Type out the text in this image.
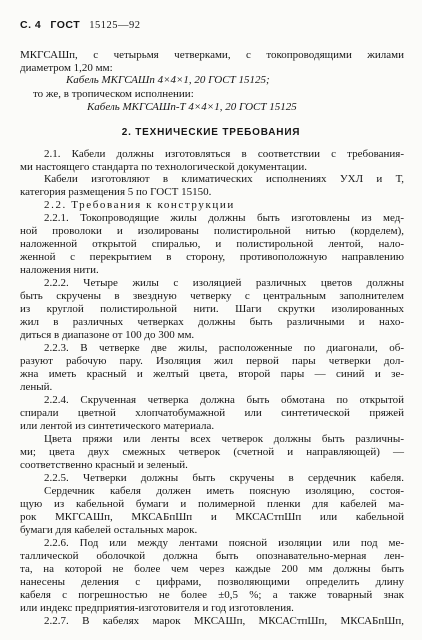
С. 4 ГОСТ 15125—92
МКГСАШп, с четырьмя четверками, с токопроводящими жилами
диаметром 1,20 мм:
Кабель МКГСАШп 4×4×1, 20 ГОСТ 15125;
то же, в тропическом исполнении:
Кабель МКГСАШп-Т 4×4×1, 20 ГОСТ 15125
2. ТЕХНИЧЕСКИЕ ТРЕБОВАНИЯ
2.1. Кабели должны изготовляться в соответствии с требования-
ми настоящего стандарта по технологической документации.
Кабели изготовляют в климатических исполнениях УХЛ и Т,
категория размещения 5 по ГОСТ 15150.
2.2. Требования к конструкции
2.2.1. Токопроводящие жилы должны быть изготовлены из мед-
ной проволоки и изолированы полистирольной нитью (корделем),
наложенной открытой спиралью, и полистирольной лентой, нало-
женной с перекрытием в сторону, противоположную направлению
наложения нити.
2.2.2. Четыре жилы с изоляцией различных цветов должны
быть скручены в звездную четверку с центральным заполнителем
из круглой полистирольной нити. Шаги скрутки изолированных
жил в различных четверках должны быть различными и нахо-
диться в диапазоне от 100 до 300 мм.
2.2.3. В четверке две жилы, расположенные по диагонали, об-
разуют рабочую пару. Изоляция жил первой пары четверки дол-
жна иметь красный и желтый цвета, второй пары — синий и зе-
леный.
2.2.4. Скрученная четверка должна быть обмотана по открытой
спирали цветной хлопчатобумажной или синтетической пряжей
или лентой из синтетического материала.
Цвета пряжи или ленты всех четверок должны быть различны-
ми; цвета двух смежных четверок (счетной и направляющей) —
соответственно красный и зеленый.
2.2.5. Четверки должны быть скручены в сердечник кабеля.
Сердечник кабеля должен иметь поясную изоляцию, состоя-
щую из кабельной бумаги и полимерной пленки для кабелей ма-
рок МКГСАШп, МКСАБпШп и МКСАСтпШп или кабельной
бумаги для кабелей остальных марок.
2.2.6. Под или между лентами поясной изоляции или под ме-
таллической оболочкой должна быть опознавательно-мерная лен-
та, на которой не более чем через каждые 200 мм должны быть
нанесены деления с цифрами, позволяющими определить длину
кабеля с погрешностью не более ±0,5 %; а также товарный знак
или индекс предприятия-изготовителя и год изготовления.
2.2.7. В кабелях марок МКСАШп, МКСАСтпШп, МКСАБпШп,
